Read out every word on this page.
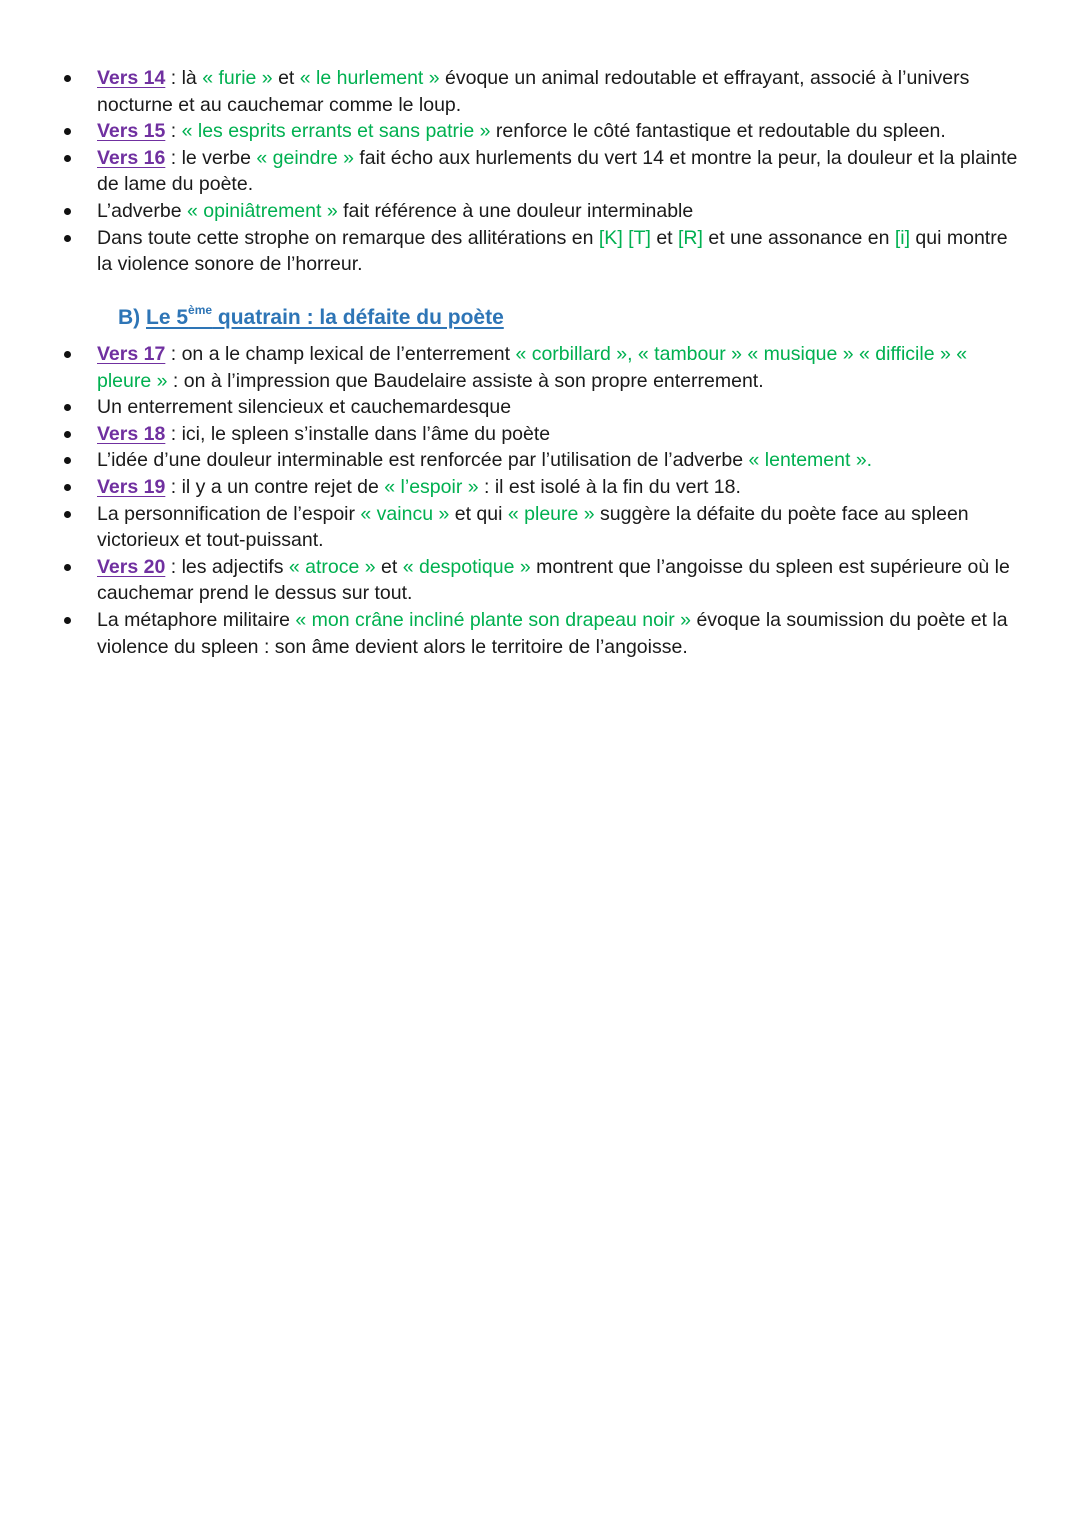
Vers 14 : là « furie » et « le hurlement » évoque un animal redoutable et effrayant, associé à l’univers nocturne et au cauchemar comme le loup.
Vers 15 : « les esprits errants et sans patrie » renforce le côté fantastique et redoutable du spleen.
Vers 16 : le verbe « geindre » fait écho aux hurlements du vert 14 et montre la peur, la douleur et la plainte de lame du poète.
L’adverbe « opiniâtrement » fait référence à une douleur interminable
Dans toute cette strophe on remarque des allitérations en [K] [T] et [R] et une assonance en [i] qui montre la violence sonore de l’horreur.
B) Le 5ème quatrain : la défaite du poète
Vers 17 : on a le champ lexical de l’enterrement « corbillard », « tambour » « musique » « difficile » « pleure » : on à l’impression que Baudelaire assiste à son propre enterrement.
Un enterrement silencieux et cauchemardesque
Vers 18 : ici, le spleen s’installe dans l’âme du poète
L’idée d’une douleur interminable est renforcée par l’utilisation de l’adverbe « lentement ».
Vers 19 : il y a un contre rejet de « l’espoir » : il est isolé à la fin du vert 18.
La personnification de l’espoir « vaincu » et qui « pleure » suggère la défaite du poète face au spleen victorieux et tout-puissant.
Vers 20 : les adjectifs « atroce » et « despotique » montrent que l’angoisse du spleen est supérieure où le cauchemar prend le dessus sur tout.
La métaphore militaire « mon crâne incliné plante son drapeau noir » évoque la soumission du poète et la violence du spleen : son âme devient alors le territoire de l’angoisse.
